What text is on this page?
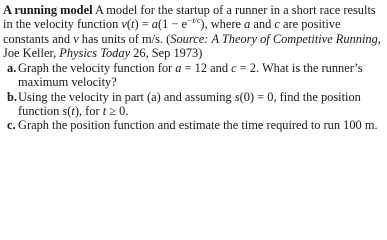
A running model A model for the startup of a runner in a short race results in the velocity function $v(t) = a(1 - e^{-t/c})$, where a and c are positive constants and v has units of m/s. (Source: A Theory of Competitive Running, Joe Keller, Physics Today 26, Sep 1973)

a. Graph the velocity function for a = 12 and c = 2. What is the runner’s maximum velocity?
b. Using the velocity in part (a) and assuming s(0) = 0, find the position function s(t), for t ≥ 0.
c. Graph the position function and estimate the time required to run 100 m.
